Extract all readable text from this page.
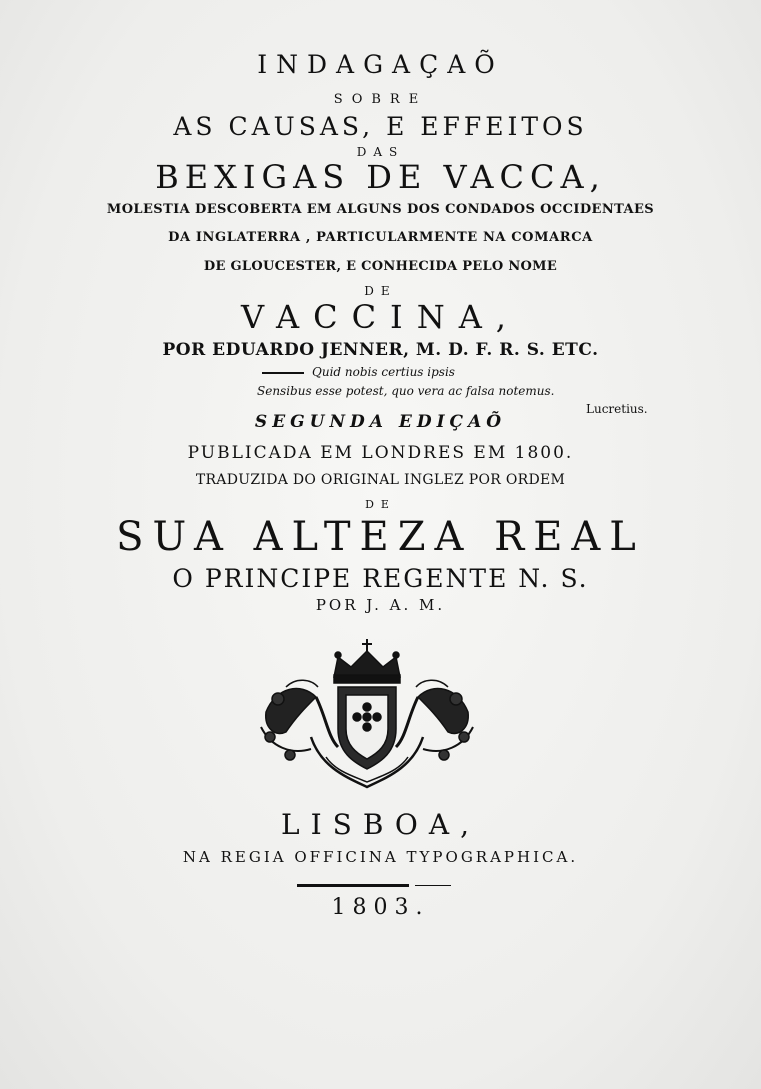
INDAGAÇAÕ
SOBRE
AS CAUSAS, E EFFEITOS
DAS
BEXIGAS DE VACCA,
MOLESTIA DESCOBERTA EM ALGUNS DOS CONDADOS OCCIDENTAES
DA INGLATERRA , PARTICULARMENTE NA COMARCA
DE GLOUCESTER, E CONHECIDA PELO NOME
DE
VACCINA,
POR EDUARDO JENNER, M. D. F. R. S. ETC.
Quid nobis certius ipsis
Sensibus esse potest, quo vera ac falsa notemus.
Lucretius.
SEGUNDA EDIÇAÕ
PUBLICADA EM LONDRES EM 1800.
TRADUZIDA DO ORIGINAL INGLEZ POR ORDEM
DE
SUA ALTEZA REAL
O PRINCIPE REGENTE N. S.
POR J. A. M.
LISBOA,
NA REGIA OFFICINA TYPOGRAPHICA.
1803.
